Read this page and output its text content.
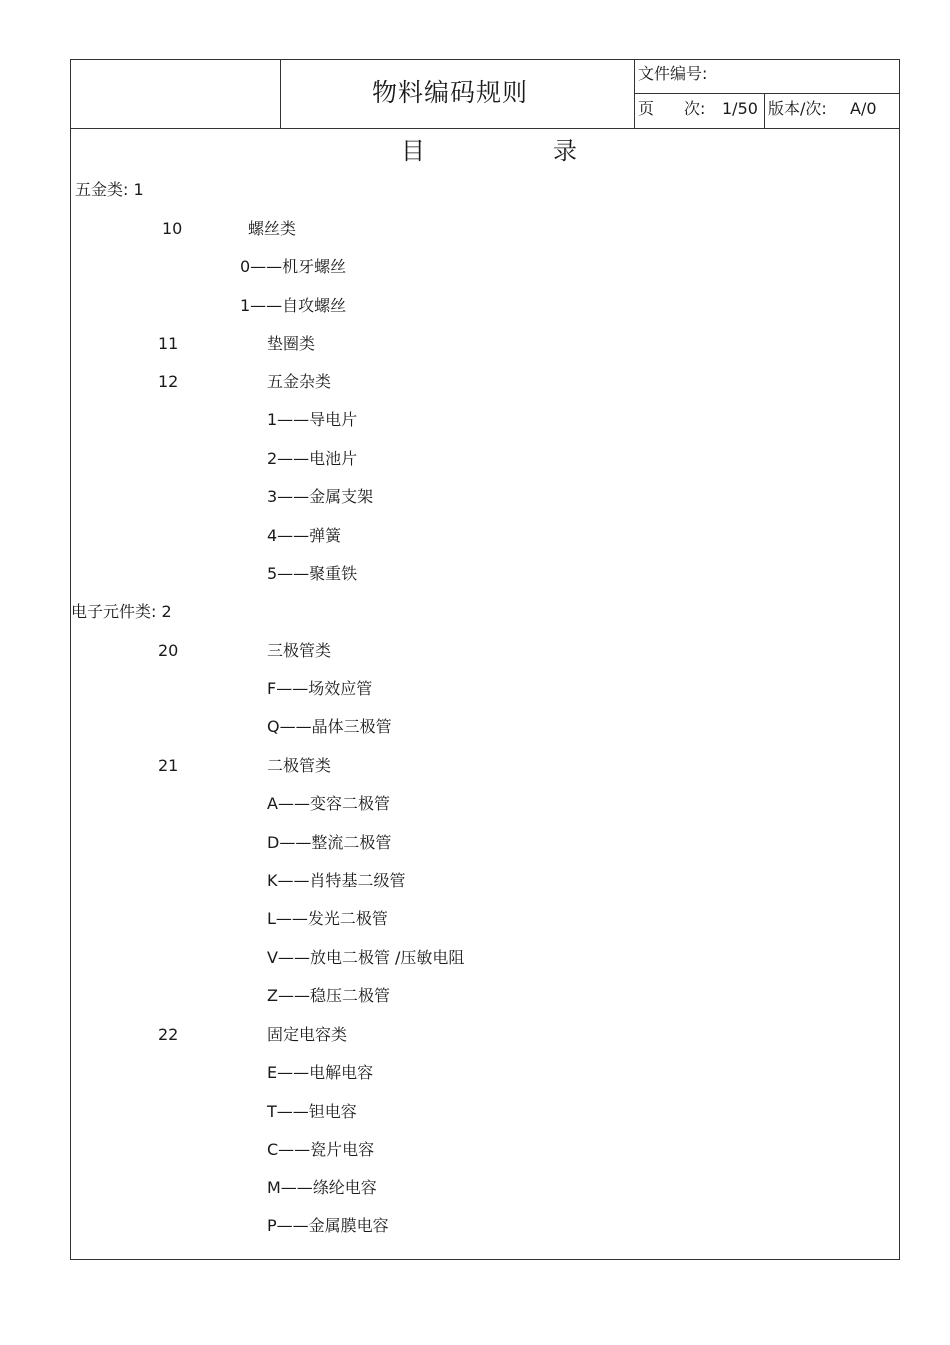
物料编码规则
文件编号:
页 次: 1/50 版本/次: A/0
目	录
五金类: 1
10	螺丝类
0——机牙螺丝
1——自攻螺丝
11	垫圈类
12	五金杂类
1——导电片
2——电池片
3——金属支架
4——弹簧
5——聚重铁
电子元件类: 2
20	三极管类
F——场效应管
Q——晶体三极管
21	二极管类
A——变容二极管
D——整流二极管
K——肖特基二级管
L——发光二极管
V——放电二极管 /压敏电阻
Z——稳压二极管
22	固定电容类
E——电解电容
T——钽电容
C——瓷片电容
M——绦纶电容
P——金属膜电容
